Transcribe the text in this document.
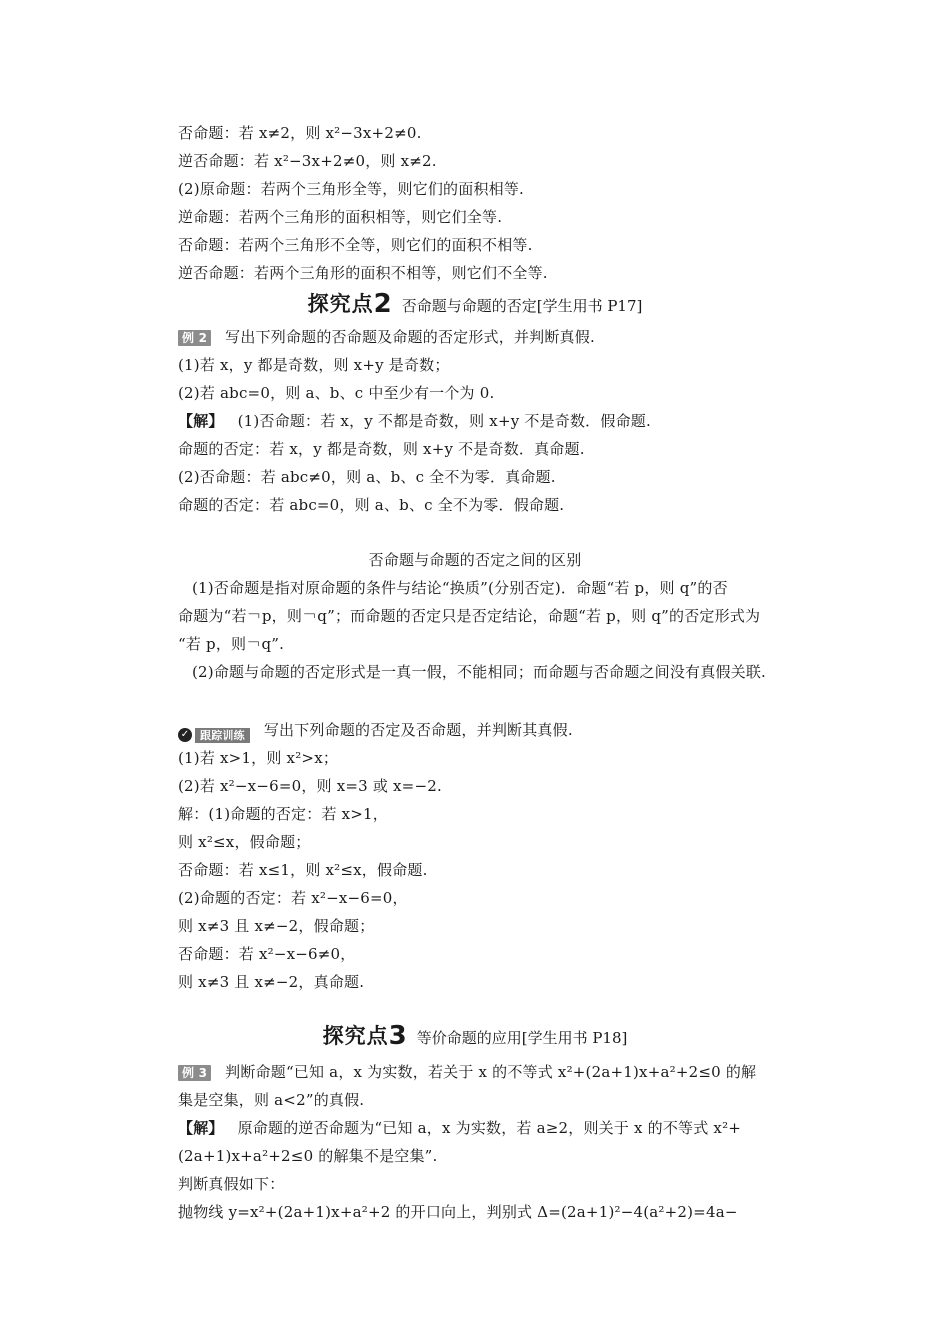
否命题：若 x≠2，则 x²−3x+2≠0.
逆否命题：若 x²−3x+2≠0，则 x≠2.
(2)原命题：若两个三角形全等，则它们的面积相等.
逆命题：若两个三角形的面积相等，则它们全等.
否命题：若两个三角形不全等，则它们的面积不相等.
逆否命题：若两个三角形的面积不相等，则它们不全等.
探究点2 否命题与命题的否定[学生用书 P17]
例 2 写出下列命题的否命题及命题的否定形式，并判断真假.
(1)若 x，y 都是奇数，则 x+y 是奇数；
(2)若 abc=0，则 a、b、c 中至少有一个为 0.
【解】 (1)否命题：若 x，y 不都是奇数，则 x+y 不是奇数．假命题.
命题的否定：若 x，y 都是奇数，则 x+y 不是奇数．真命题.
(2)否命题：若 abc≠0，则 a、b、c 全不为零．真命题.
命题的否定：若 abc=0，则 a、b、c 全不为零．假命题.
否命题与命题的否定之间的区别
(1)否命题是指对原命题的条件与结论“换质”(分别否定)．命题“若 p，则 q”的否
命题为“若￢p，则￢q”；而命题的否定只是否定结论，命题“若 p，则 q”的否定形式为
“若 p，则￢q”.
(2)命题与命题的否定形式是一真一假，不能相同；而命题与否命题之间没有真假关联.
✓ 跟踪训练	写出下列命题的否定及否命题，并判断其真假.
(1)若 x>1，则 x²>x；
(2)若 x²−x−6=0，则 x=3 或 x=−2.
解：(1)命题的否定：若 x>1，
则 x²≤x，假命题；
否命题：若 x≤1，则 x²≤x，假命题.
(2)命题的否定：若 x²−x−6=0，
则 x≠3 且 x≠−2，假命题；
否命题：若 x²−x−6≠0，
则 x≠3 且 x≠−2，真命题.
探究点3 等价命题的应用[学生用书 P18]
例 3 判断命题“已知 a，x 为实数，若关于 x 的不等式 x²+(2a+1)x+a²+2≤0 的解
集是空集，则 a<2”的真假.
【解】 原命题的逆否命题为“已知 a，x 为实数，若 a≥2，则关于 x 的不等式 x²+
(2a+1)x+a²+2≤0 的解集不是空集”.
判断真假如下：
抛物线 y=x²+(2a+1)x+a²+2 的开口向上，判别式 Δ=(2a+1)²−4(a²+2)=4a−
